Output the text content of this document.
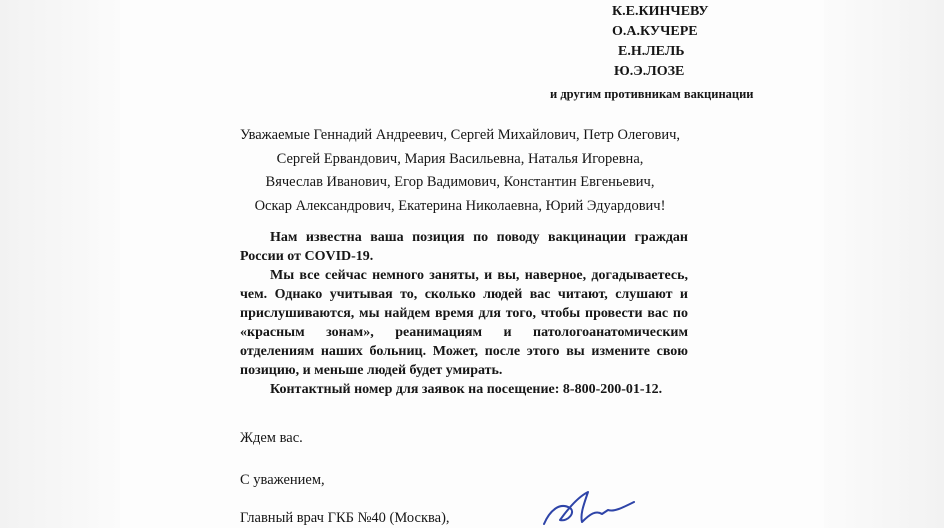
К.Е.КИНЧЕВУ
О.А.КУЧЕРЕ
Е.Н.ЛЕЛЬ
Ю.Э.ЛОЗЕ
и другим противникам вакцинации
Уважаемые Геннадий Андреевич, Сергей Михайлович, Петр Олегович,
Сергей Ервандович, Мария Васильевна, Наталья Игоревна,
Вячеслав Иванович, Егор Вадимович, Константин Евгеньевич,
Оскар Александрович, Екатерина Николаевна, Юрий Эдуардович!

Нам известна ваша позиция по поводу вакцинации граждан России от COVID-19.

Мы все сейчас немного заняты, и вы, наверное, догадываетесь, чем. Однако учитывая то, сколько людей вас читают, слушают и прислушиваются, мы найдем время для того, чтобы провести вас по «красным зонам», реанимациям и патологоанатомическим отделениям наших больниц. Может, после этого вы измените свою позицию, и меньше людей будет умирать.

Контактный номер для заявок на посещение: 8-800-200-01-12.

Ждем вас.
С уважением,
Главный врач ГКБ №40 (Москва),
